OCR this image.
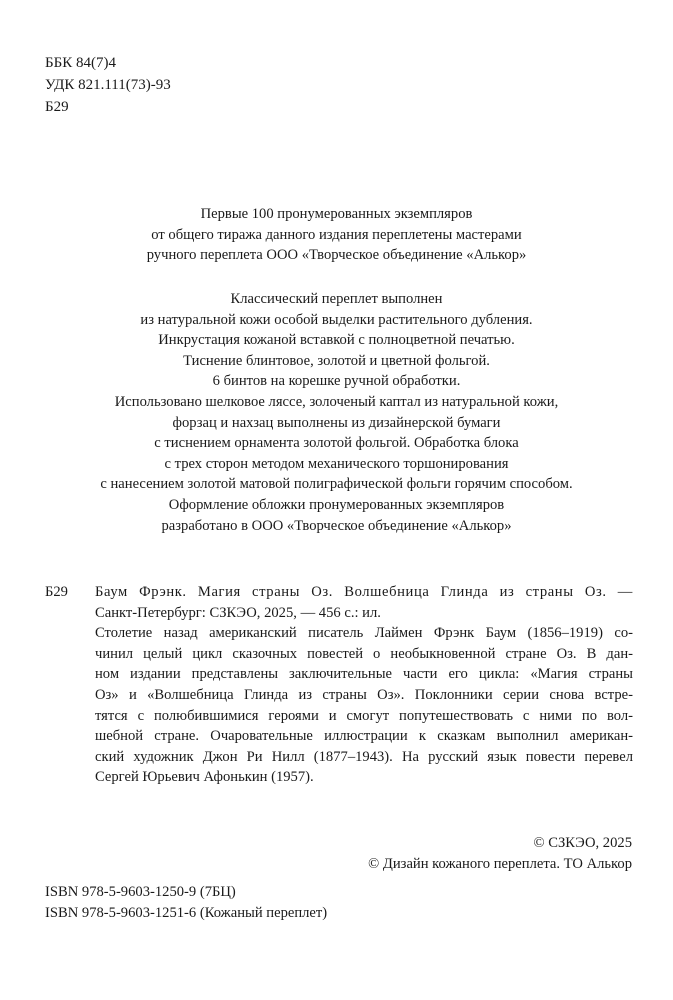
ББК 84(7)4
УДК 821.111(73)-93
Б29
Первые 100 пронумерованных экземпляров
от общего тиража данного издания переплетены мастерами
ручного переплета ООО «Творческое объединение «Алькор»
Классический переплет выполнен
из натуральной кожи особой выделки растительного дубления.
Инкрустация кожаной вставкой с полноцветной печатью.
Тиснение блинтовое, золотой и цветной фольгой.
6 бинтов на корешке ручной обработки.
Использовано шелковое ляссе, золоченый каптал из натуральной кожи,
форзац и нахзац выполнены из дизайнерской бумаги
с тиснением орнамента золотой фольгой. Обработка блока
с трех сторон методом механического торшонирования
с нанесением золотой матовой полиграфической фольги горячим способом.
Оформление обложки пронумерованных экземпляров
разработано в ООО «Творческое объединение «Алькор»
Б29 Баум Фрэнк. Магия страны Оз. Волшебница Глинда из страны Оз. —
Санкт-Петербург: СЗКЭО, 2025, — 456 с.: ил.
Столетие назад американский писатель Лаймен Фрэнк Баум (1856–1919) со-
чинил целый цикл сказочных повестей о необыкновенной стране Оз. В дан-
ном издании представлены заключительные части его цикла: «Магия страны
Оз» и «Волшебница Глинда из страны Оз». Поклонники серии снова встре-
тятся с полюбившимися героями и смогут попутешествовать с ними по вол-
шебной стране. Очаровательные иллюстрации к сказкам выполнил американ-
ский художник Джон Ри Нилл (1877–1943). На русский язык повести перевел
Сергей Юрьевич Афонькин (1957).
© СЗКЭО, 2025
© Дизайн кожаного переплета. ТО Алькор
ISBN 978-5-9603-1250-9 (7БЦ)
ISBN 978-5-9603-1251-6 (Кожаный переплет)
